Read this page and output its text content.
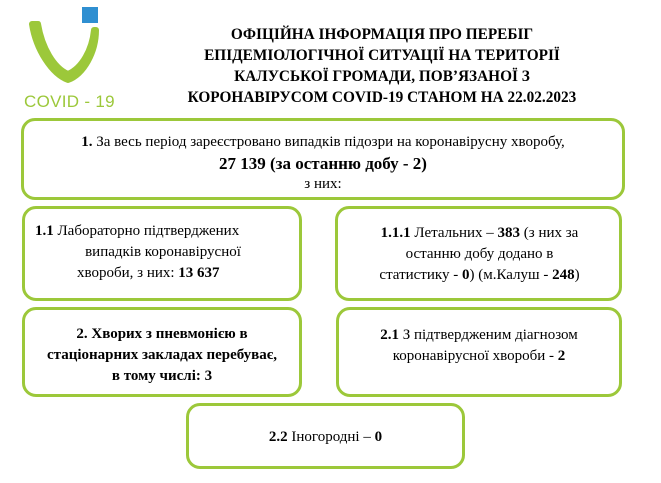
COVID - 19
ОФІЦІЙНА ІНФОРМАЦІЯ ПРО ПЕРЕБІГ
ЕПІДЕМІОЛОГІЧНОЇ СИТУАЦІЇ НА ТЕРИТОРІЇ
КАЛУСЬКОЇ ГРОМАДИ, ПОВ’ЯЗАНОЇ З
КОРОНАВІРУСОМ COVID-19 СТАНОМ НА 22.02.2023
1. За весь період зареєстровано випадків підозри на коронавірусну хворобу,
27 139 (за останню добу - 2)
з них:
1.1 Лабораторно підтверджених
випадків коронавірусної
хвороби, з них: 13 637
1.1.1 Летальних – 383 (з них за
останню добу додано в
статистику - 0) (м.Калуш - 248)
2. Хворих з пневмонією в
стаціонарних закладах перебуває,
в тому числі: 3
2.1 З підтвердженим діагнозом
коронавірусної хвороби - 2
2.2 Іногородні – 0
